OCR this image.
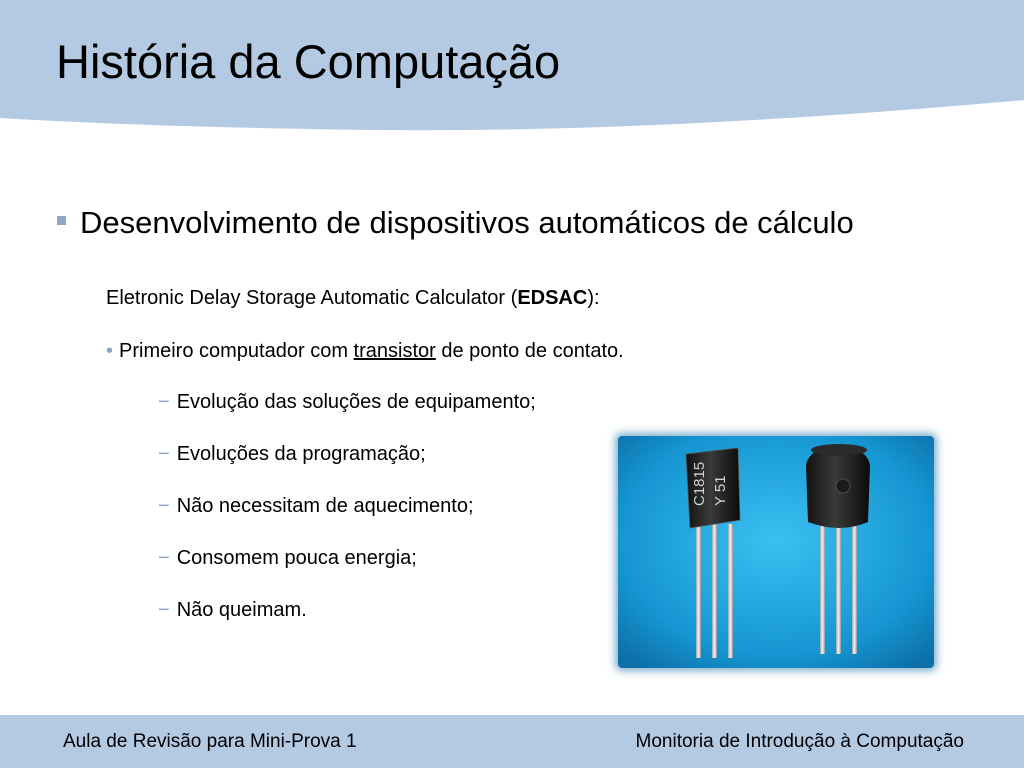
História da Computação
Desenvolvimento de dispositivos automáticos de cálculo
Eletronic Delay Storage Automatic Calculator (EDSAC):
• Primeiro computador com transistor de ponto de contato.
− Evolução das soluções de equipamento;
− Evoluções da programação;
− Não necessitam de aquecimento;
− Consomem pouca energia;
− Não queimam.
C1815 Y 51
Aula de Revisão para Mini-Prova 1	Monitoria de Introdução à Computação
